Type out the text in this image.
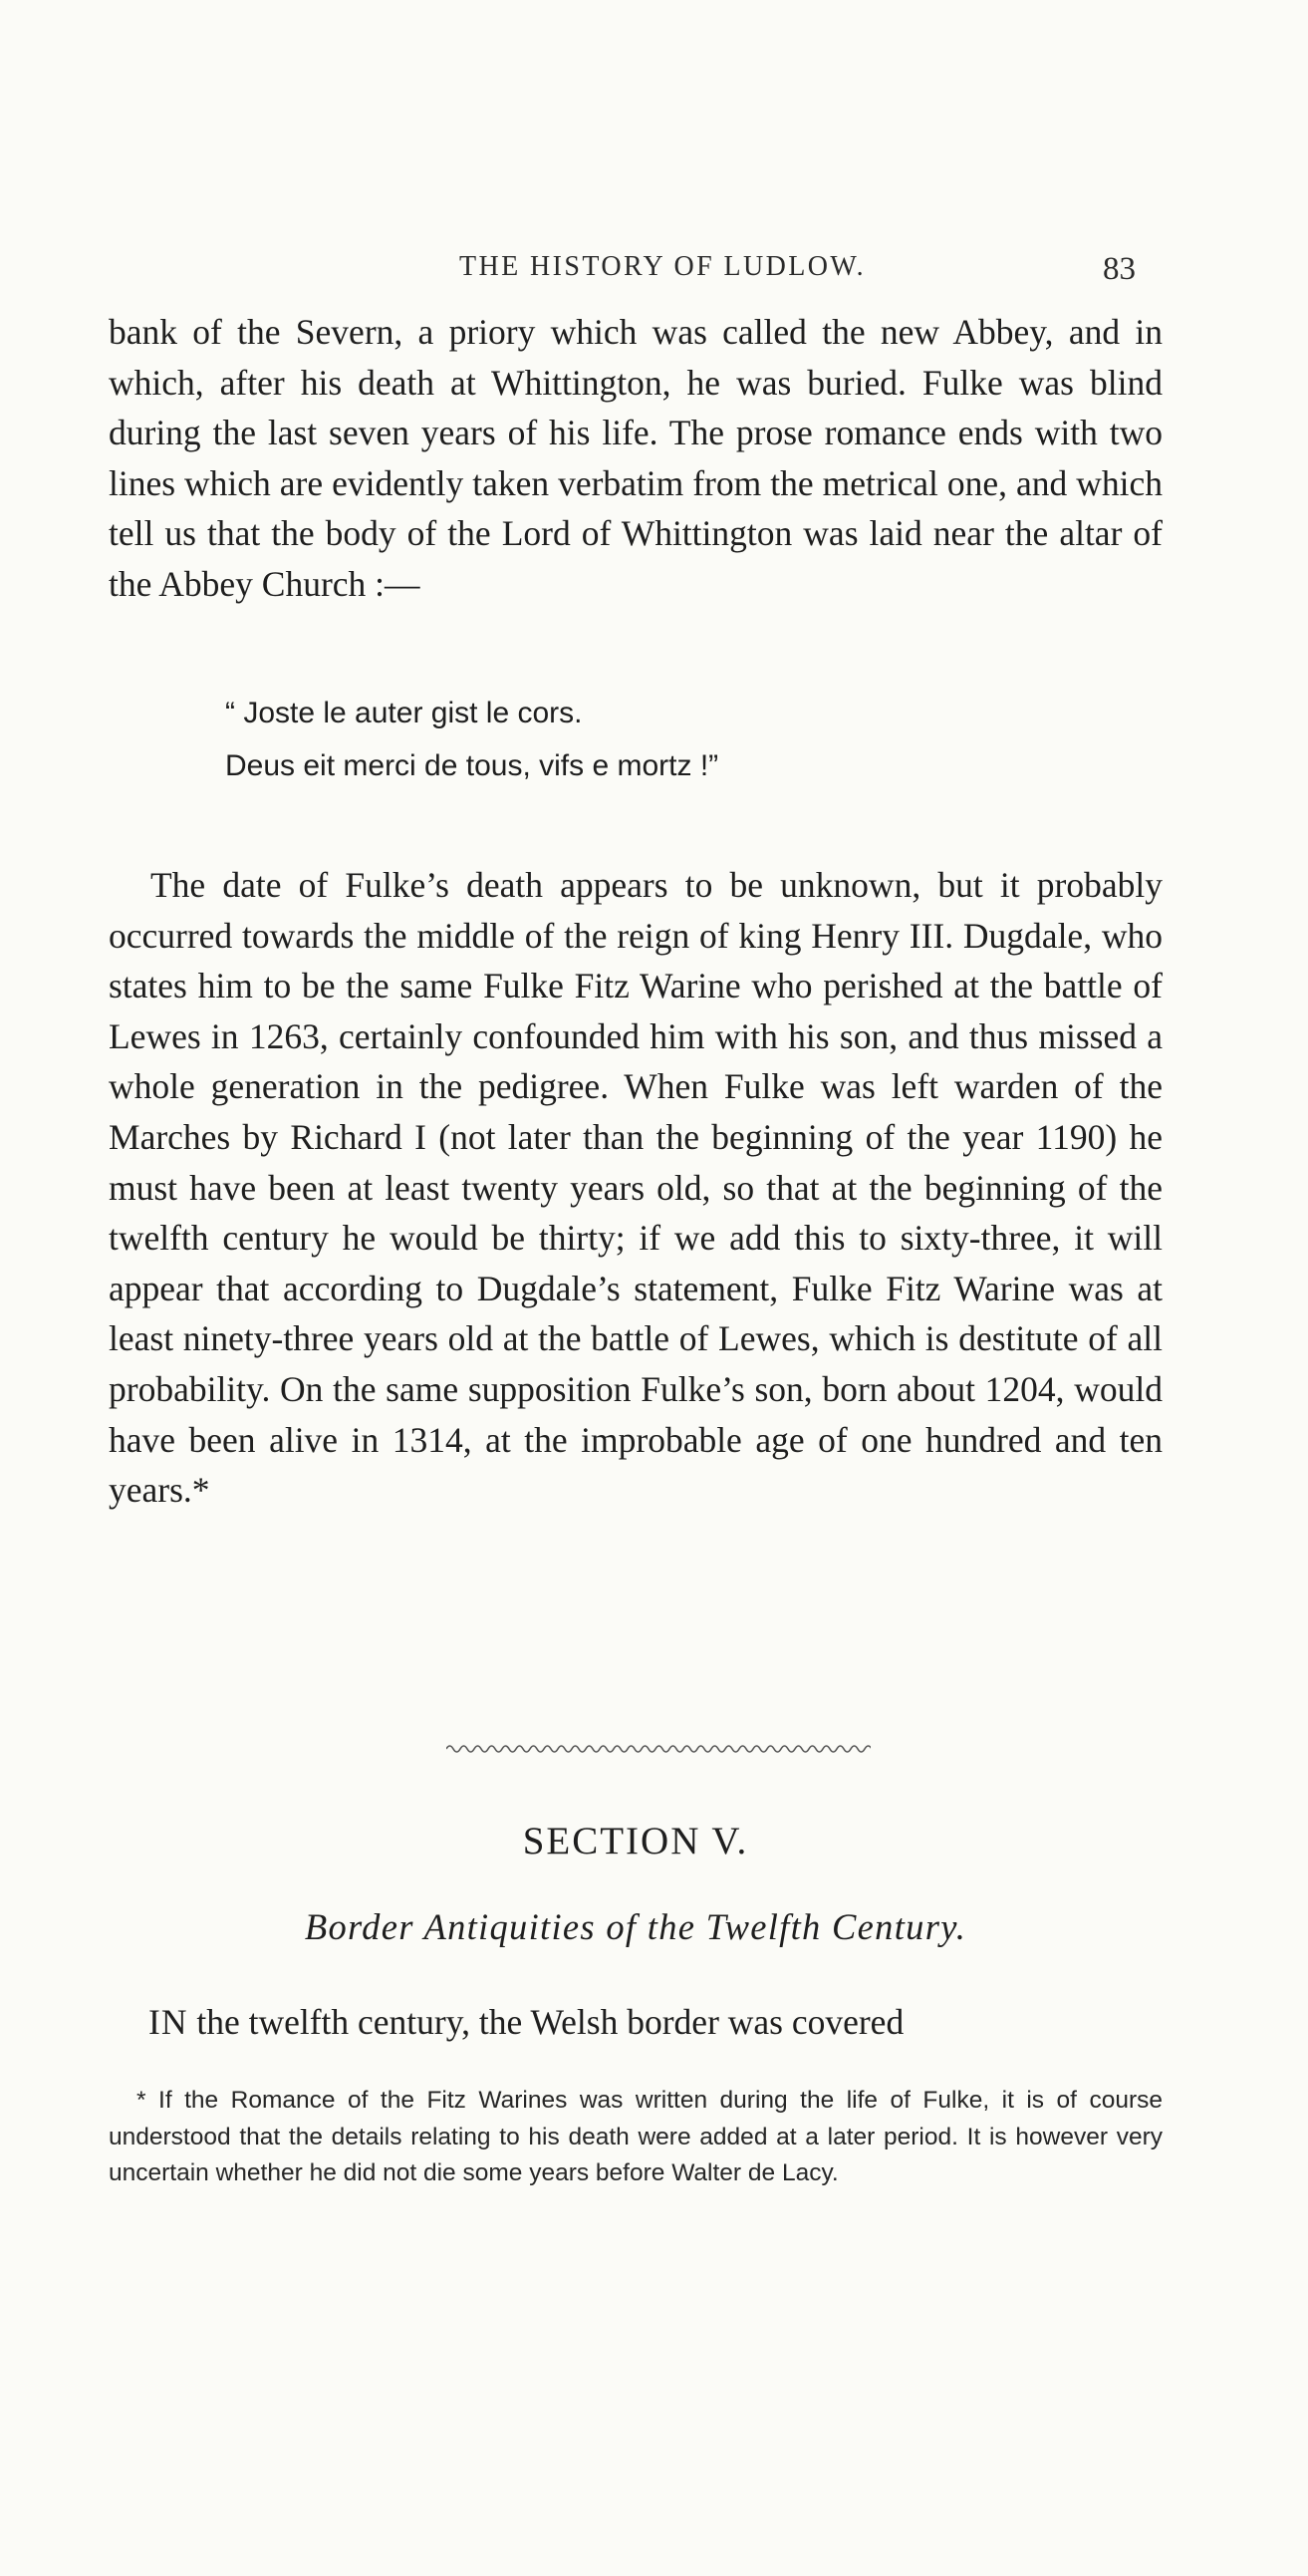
THE HISTORY OF LUDLOW.	83

bank of the Severn, a priory which was called the new Abbey, and in which, after his death at Whittington, he was buried. Fulke was blind during the last seven years of his life. The prose romance ends with two lines which are evidently taken verbatim from the metrical one, and which tell us that the body of the Lord of Whittington was laid near the altar of the Abbey Church :—

“ Joste le auter gist le cors.
Deus eit merci de tous, vifs e mortz !”

The date of Fulke’s death appears to be unknown, but it probably occurred towards the middle of the reign of king Henry III. Dugdale, who states him to be the same Fulke Fitz Warine who perished at the battle of Lewes in 1263, certainly confounded him with his son, and thus missed a whole generation in the pedigree. When Fulke was left warden of the Marches by Richard I (not later than the beginning of the year 1190) he must have been at least twenty years old, so that at the beginning of the twelfth century he would be thirty; if we add this to sixty-three, it will appear that according to Dugdale’s statement, Fulke Fitz Warine was at least ninety-three years old at the battle of Lewes, which is destitute of all probability. On the same supposition Fulke’s son, born about 1204, would have been alive in 1314, at the improbable age of one hundred and ten years.*

SECTION V.
Border Antiquities of the Twelfth Century.

IN the twelfth century, the Welsh border was covered

* If the Romance of the Fitz Warines was written during the life of Fulke, it is of course understood that the details relating to his death were added at a later period. It is however very uncertain whether he did not die some years before Walter de Lacy.
